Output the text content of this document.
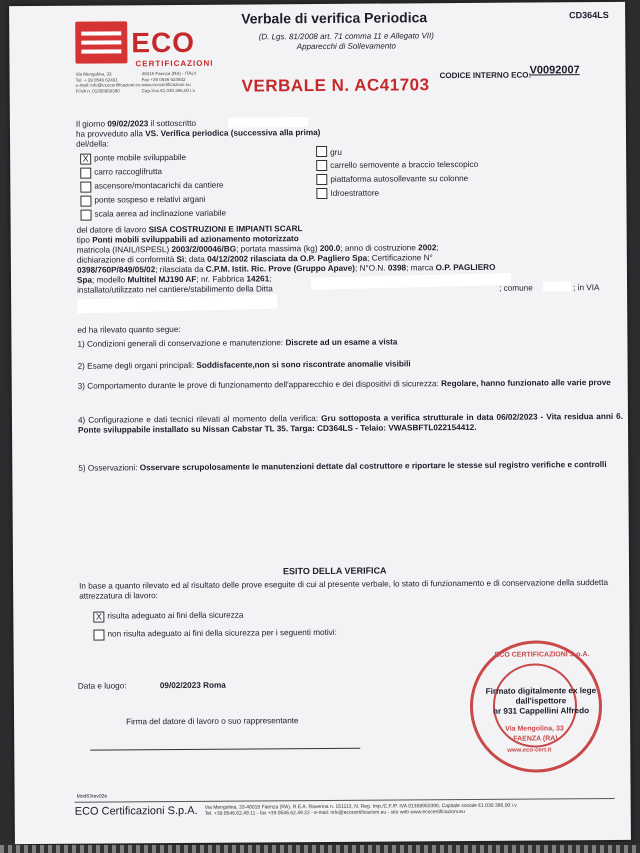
ECO
CERTIFICAZIONI
Via Mengolina, 33
Tel. + 39 0546 62491
e-mail: info@ecocertificazioni.eu
P.IVA n. 01358950390
48018 Faenza (RA) - ITALY
Fax +39 0546 624932
www.ecocertificazioni.eu
Cap.Soc.€1.030.386,00 i.v.
Verbale di verifica Periodica	CD364LS
(D. Lgs. 81/2008 art. 71 comma 11 e Allegato VII)
Apparecchi di Sollevamento
VERBALE N. AC41703 CODICE INTERNO ECO:
V0092007
Il giorno 09/02/2023 il sottoscritto
ha provveduto alla VS. Verifica periodica (successiva alla prima)
del/della:
X ponte mobile sviluppabile
carro raccoglifrutta
ascensore/montacarichi da cantiere
ponte sospeso e relativi argani
scala aerea ad inclinazione variabile
gru
carrello semovente a braccio telescopico
piattaforma autosollevante su colonne
Idroestrattore
del datore di lavoro SISA COSTRUZIONI E IMPIANTI SCARL
tipo Ponti mobili sviluppabili ad azionamento motorizzato
matricola (INAIL/ISPESL) 2003/2/00046/BG; portata massima (kg) 200.0; anno di costruzione 2002;
dichiarazione di conformità Sì; data 04/12/2002 rilasciata da O.P. Pagliero Spa; Certificazione N°
0398/760P/849/05/02; rilasciata da C.P.M. Istit. Ric. Prove (Gruppo Apave); N°O.N. 0398; marca O.P. PAGLIERO
Spa; modello Multitel MJ190 AF; nr. Fabbrica 14261;
installato/utilizzato nel cantiere/stabilimento della Ditta	; comune	; in VIA
ed ha rilevato quanto segue:
1) Condizioni generali di conservazione e manutenzione: Discrete ad un esame a vista
2) Esame degli organi principali: Soddisfacente,non si sono riscontrate anomalie visibili
3) Comportamento durante le prove di funzionamento dell'apparecchio e dei dispositivi di sicurezza: Regolare, hanno funzionato alle varie prove
4) Configurazione e dati tecnici rilevati al momento della verifica: Gru sottoposta a verifica strutturale in data 06/02/2023 - Vita residua anni 6. Ponte sviluppabile installato su Nissan Cabstar TL 35. Targa: CD364LS - Telaio: VWASBFTL022154412.
5) Osservazioni: Osservare scrupolosamente le manutenzioni dettate dal costruttore e riportare le stesse sul registro verifiche e controlli
ESITO DELLA VERIFICA
In base a quanto rilevato ed al risultato delle prove eseguite di cui al presente verbale, lo stato di funzionamento e di conservazione della suddetta attrezzatura di lavoro:
X risulta adeguato ai fini della sicurezza
non risulta adeguato ai fini della sicurezza per i seguenti motivi:
Data e luogo:	09/02/2023 Roma
Firma del datore di lavoro o suo rappresentante
ECO CERTIFICAZIONI S.p.A.
Via Mengolina, 33
FAENZA (RA)
www.eco-cert.it
Firmato digitalmente ex lege
dall'ispettore
nr 931 Cappellini Alfredo
Mod63rev02e
ECO Certificazioni S.p.A. Via Mengolina, 33-48018 Faenza (RA), R.E.A. Ravenna n. 151113, N. Reg. Imp./C.F./P. IVA 01358950390, Capitale sociale €1.030.386,00 i.v.
Tel. +39.0546.62.49.11 - fax +39.0546.62.49.22 - e-mail: info@ecocertificazioni.eu - sito web www.ecocertificazioni.eu
